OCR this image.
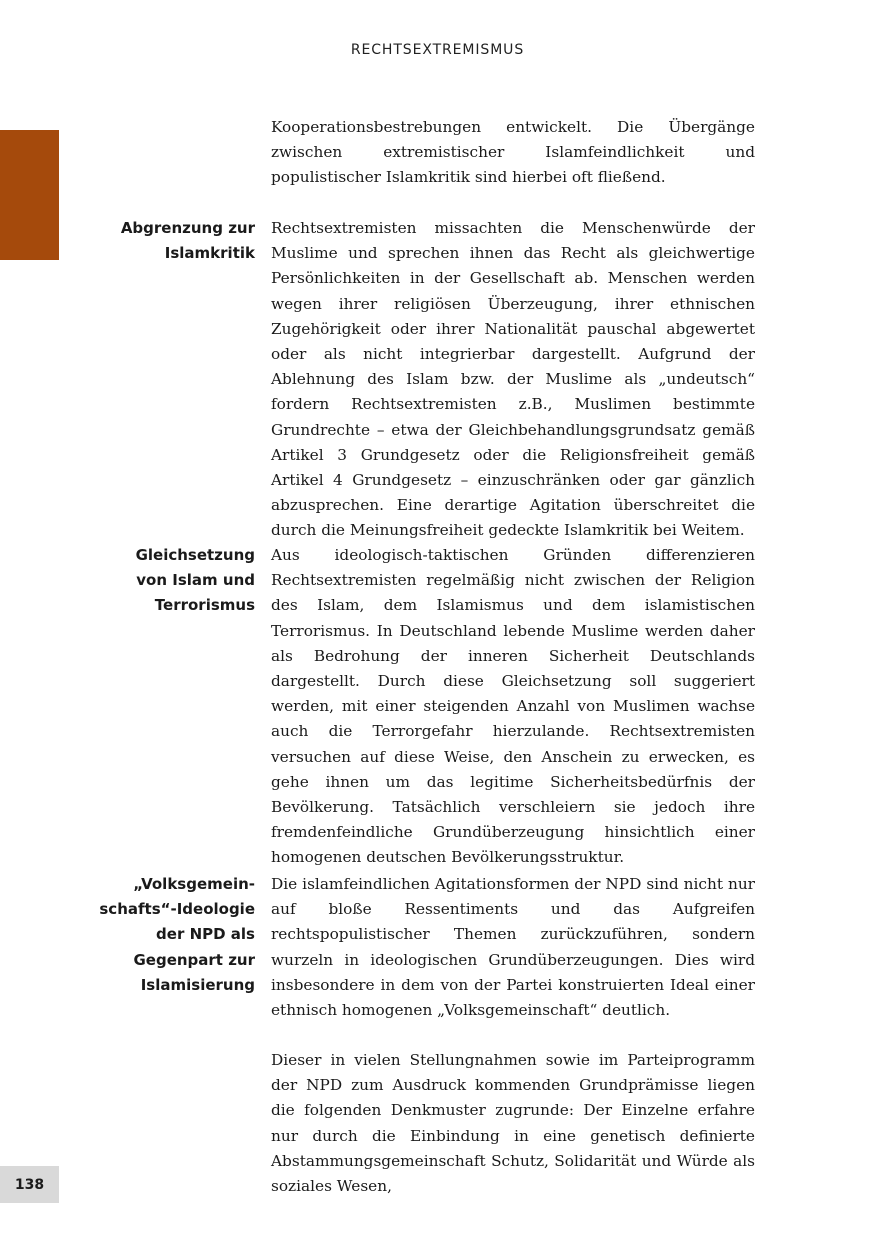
RECHTSEXTREMISMUS

Kooperationsbestrebungen entwickelt. Die Übergänge zwischen extremistischer Islamfeindlichkeit und populistischer Islamkritik sind hierbei oft fließend.

Abgrenzung zur
Islamkritik

Rechtsextremisten missachten die Menschenwürde der Muslime und sprechen ihnen das Recht als gleichwertige Persönlichkeiten in der Gesellschaft ab. Menschen werden wegen ihrer religiösen Überzeugung, ihrer ethnischen Zugehörigkeit oder ihrer Nationalität pauschal abgewertet oder als nicht integrierbar dargestellt. Aufgrund der Ablehnung des Islam bzw. der Muslime als „undeutsch“ fordern Rechtsextremisten z.B., Muslimen bestimmte Grundrechte – etwa der Gleichbehandlungsgrundsatz gemäß Artikel 3 Grundgesetz oder die Religionsfreiheit gemäß Artikel 4 Grundgesetz – einzuschränken oder gar gänzlich abzusprechen. Eine derartige Agitation überschreitet die durch die Meinungsfreiheit gedeckte Islamkritik bei Weitem.

Gleichsetzung
von Islam und
Terrorismus

Aus ideologisch-taktischen Gründen differenzieren Rechtsextremisten regelmäßig nicht zwischen der Religion des Islam, dem Islamismus und dem islamistischen Terrorismus. In Deutschland lebende Muslime werden daher als Bedrohung der inneren Sicherheit Deutschlands dargestellt. Durch diese Gleichsetzung soll suggeriert werden, mit einer steigenden Anzahl von Muslimen wachse auch die Terrorgefahr hierzulande. Rechtsextremisten versuchen auf diese Weise, den Anschein zu erwecken, es gehe ihnen um das legitime Sicherheitsbedürfnis der Bevölkerung. Tatsächlich verschleiern sie jedoch ihre fremdenfeindliche Grundüberzeugung hinsichtlich einer homogenen deutschen Bevölkerungsstruktur.

„Volksgemein-
schafts“-Ideologie
der NPD als
Gegenpart zur
Islamisierung

Die islamfeindlichen Agitationsformen der NPD sind nicht nur auf bloße Ressentiments und das Aufgreifen rechtspopulistischer Themen zurückzuführen, sondern wurzeln in ideologischen Grundüberzeugungen. Dies wird insbesondere in dem von der Partei konstruierten Ideal einer ethnisch homogenen „Volksgemeinschaft“ deutlich.

Dieser in vielen Stellungnahmen sowie im Parteiprogramm der NPD zum Ausdruck kommenden Grundprämisse liegen die folgenden Denkmuster zugrunde: Der Einzelne erfahre nur durch die Einbindung in eine genetisch definierte Abstammungsgemeinschaft Schutz, Solidarität und Würde als soziales Wesen,

138
